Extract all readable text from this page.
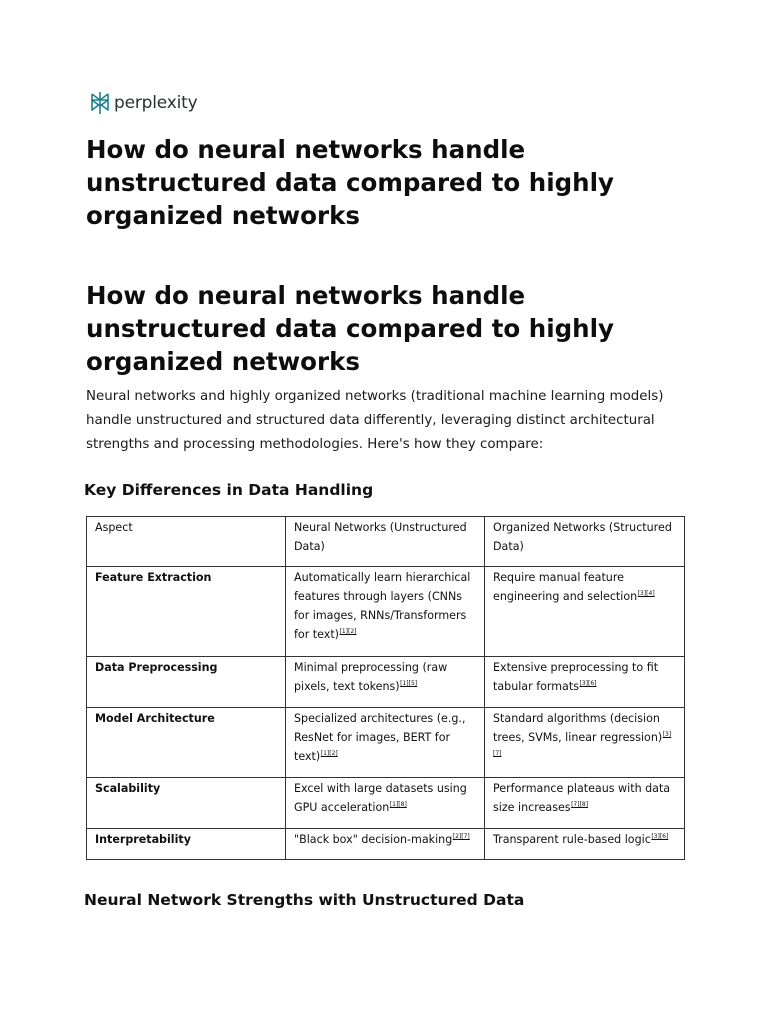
perplexity
How do neural networks handle unstructured data compared to highly organized networks
How do neural networks handle unstructured data compared to highly organized networks

Neural networks and highly organized networks (traditional machine learning models) handle unstructured and structured data differently, leveraging distinct architectural strengths and processing methodologies. Here's how they compare:

Key Differences in Data Handling
Aspect	Neural Networks (Unstructured Data)	Organized Networks (Structured Data)
Feature Extraction	Automatically learn hierarchical features through layers (CNNs for images, RNNs/Transformers for text)[1][2]	Require manual feature engineering and selection[3][4]
Data Preprocessing	Minimal preprocessing (raw pixels, text tokens)[1][5]	Extensive preprocessing to fit tabular formats[3][6]
Model Architecture	Specialized architectures (e.g., ResNet for images, BERT for text)[1][2]	Standard algorithms (decision trees, SVMs, linear regression)[3][7]
Scalability	Excel with large datasets using GPU acceleration[1][8]	Performance plateaus with data size increases[7][8]
Interpretability	"Black box" decision-making[2][7]	Transparent rule-based logic[3][6]
Neural Network Strengths with Unstructured Data
